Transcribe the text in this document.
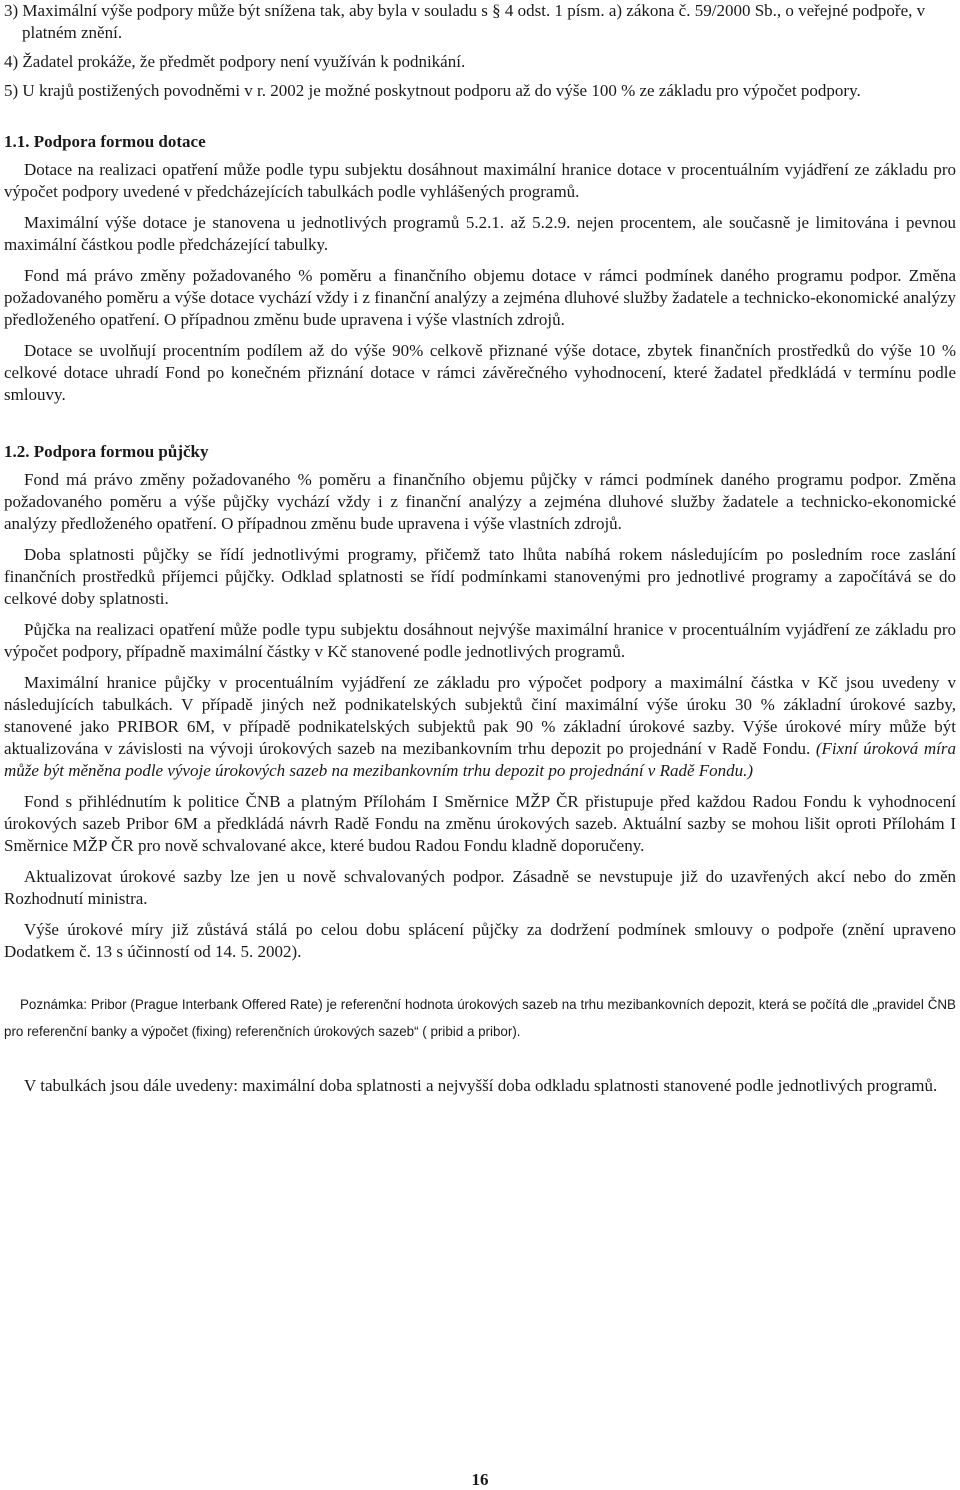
3) Maximální výše podpory může být snížena tak, aby byla v souladu s § 4 odst. 1 písm. a) zákona č. 59/2000 Sb., o veřejné podpoře, v platném znění.

4) Žadatel prokáže, že předmět podpory není využíván k podnikání.

5) U krajů postižených povodněmi v r. 2002 je možné poskytnout podporu až do výše 100 % ze základu pro výpočet podpory.

1.1. Podpora formou dotace

Dotace na realizaci opatření může podle typu subjektu dosáhnout maximální hranice dotace v procentuálním vyjádření ze základu pro výpočet podpory uvedené v předcházejících tabulkách podle vyhlášených programů.

Maximální výše dotace je stanovena u jednotlivých programů 5.2.1. až 5.2.9. nejen procentem, ale současně je limitována i pevnou maximální částkou podle předcházející tabulky.

Fond má právo změny požadovaného % poměru a finančního objemu dotace v rámci podmínek daného programu podpor. Změna požadovaného poměru a výše dotace vychází vždy i z finanční analýzy a zejména dluhové služby žadatele a technicko-ekonomické analýzy předloženého opatření. O případnou změnu bude upravena i výše vlastních zdrojů.

Dotace se uvolňují procentním podílem až do výše 90% celkově přiznané výše dotace, zbytek finančních prostředků do výše 10 % celkové dotace uhradí Fond po konečném přiznání dotace v rámci závěrečného vyhodnocení, které žadatel předkládá v termínu podle smlouvy.

1.2. Podpora formou půjčky

Fond má právo změny požadovaného % poměru a finančního objemu půjčky v rámci podmínek daného programu podpor. Změna požadovaného poměru a výše půjčky vychází vždy i z finanční analýzy a zejména dluhové služby žadatele a technicko-ekonomické analýzy předloženého opatření. O případnou změnu bude upravena i výše vlastních zdrojů.

Doba splatnosti půjčky se řídí jednotlivými programy, přičemž tato lhůta nabíhá rokem následujícím po posledním roce zaslání finančních prostředků příjemci půjčky. Odklad splatnosti se řídí podmínkami stanovenými pro jednotlivé programy a započítává se do celkové doby splatnosti.

Půjčka na realizaci opatření může podle typu subjektu dosáhnout nejvýše maximální hranice v procentuálním vyjádření ze základu pro výpočet podpory, případně maximální částky v Kč stanovené podle jednotlivých programů.

Maximální hranice půjčky v procentuálním vyjádření ze základu pro výpočet podpory a maximální částka v Kč jsou uvedeny v následujících tabulkách. V případě jiných než podnikatelských subjektů činí maximální výše úroku 30 % základní úrokové sazby, stanovené jako PRIBOR 6M, v případě podnikatelských subjektů pak 90 % základní úrokové sazby. Výše úrokové míry může být aktualizována v závislosti na vývoji úrokových sazeb na mezibankovním trhu depozit po projednání v Radě Fondu. (Fixní úroková míra může být měněna podle vývoje úrokových sazeb na mezibankovním trhu depozit po projednání v Radě Fondu.)

Fond s přihlédnutím k politice ČNB a platným Přílohám I Směrnice MŽP ČR přistupuje před každou Radou Fondu k vyhodnocení úrokových sazeb Pribor 6M a předkládá návrh Radě Fondu na změnu úrokových sazeb. Aktuální sazby se mohou lišit oproti Přílohám I Směrnice MŽP ČR pro nově schvalované akce, které budou Radou Fondu kladně doporučeny.

Aktualizovat úrokové sazby lze jen u nově schvalovaných podpor. Zásadně se nevstupuje již do uzavřených akcí nebo do změn Rozhodnutí ministra.

Výše úrokové míry již zůstává stálá po celou dobu splácení půjčky za dodržení podmínek smlouvy o podpoře (znění upraveno Dodatkem č. 13 s účinností od 14. 5. 2002).

Poznámka: Pribor (Prague Interbank Offered Rate) je referenční hodnota úrokových sazeb na trhu mezibankovních depozit, která se počítá dle „pravidel ČNB pro referenční banky a výpočet (fixing) referenčních úrokových sazeb“ ( pribid a pribor).

V tabulkách jsou dále uvedeny: maximální doba splatnosti a nejvyšší doba odkladu splatnosti stanovené podle jednotlivých programů.

16
